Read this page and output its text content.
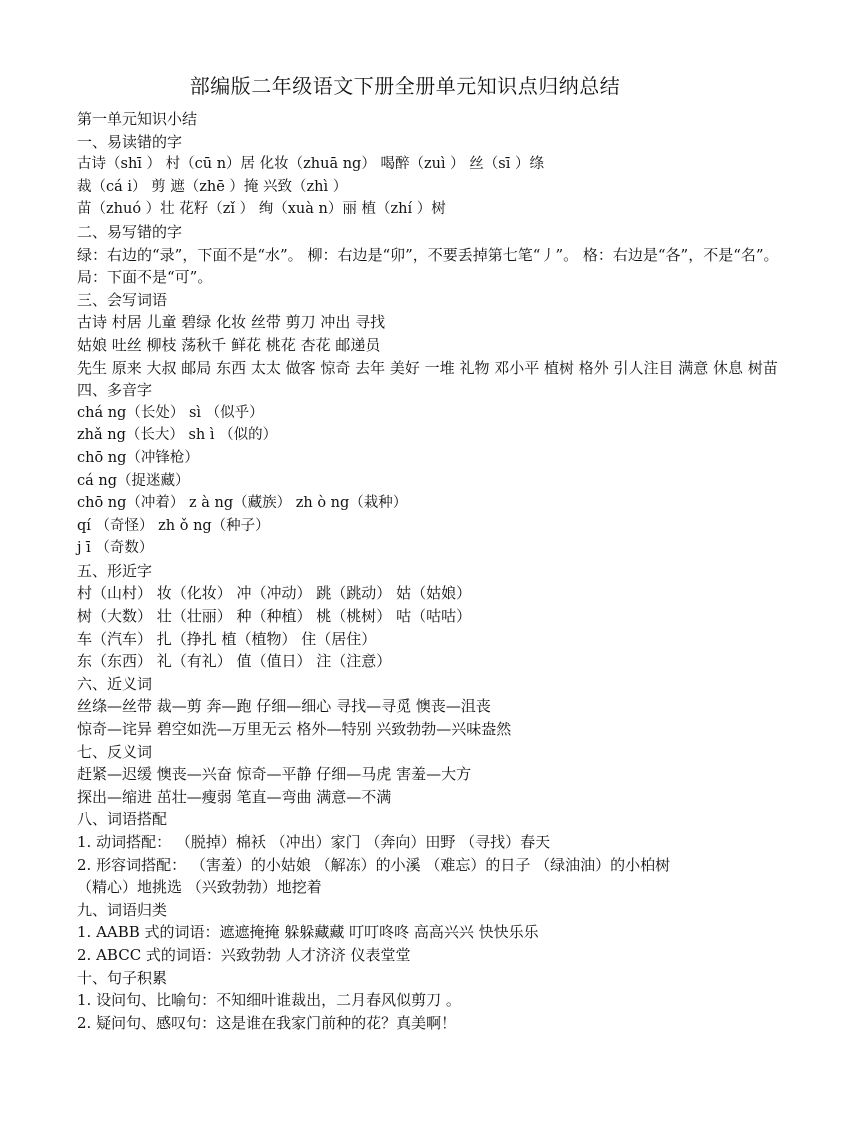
部编版二年级语文下册全册单元知识点归纳总结
第一单元知识小结
一、易读错的字
古诗（shī ） 村（cū n）居 化妆（zhuā ng） 喝醉（zuì ） 丝（sī ）绦
裁（cá i） 剪 遮（zhē ）掩 兴致（zhì ）
苗（zhuó ）壮 花籽（zǐ ） 绚（xuà n）丽 植（zhí ）树
二、易写错的字
绿：右边的“录”，下面不是“水”。 柳：右边是“卯”，不要丢掉第七笔“丿”。 格：右边是“各”，不是“名”。 局：下面不是“可”。
三、会写词语
古诗 村居 儿童 碧绿 化妆 丝带 剪刀 冲出 寻找
姑娘 吐丝 柳枝 荡秋千 鲜花 桃花 杏花 邮递员
先生 原来 大叔 邮局 东西 太太 做客 惊奇 去年 美好 一堆 礼物 邓小平 植树 格外 引人注目 满意 休息 树苗
四、多音字
chá ng（长处） sì （似乎）
zhǎ ng（长大） sh ì （似的）
chō ng（冲锋枪）
cá ng（捉迷藏）
chō ng（冲着） z à ng（藏族） zh ò ng（栽种）
qí （奇怪） zh ǒ ng（种子）
j ī （奇数）
五、形近字
村（山村） 妆（化妆） 冲（冲动） 跳（跳动） 姑（姑娘）
树（大数） 壮（壮丽） 种（种植） 桃（桃树） 咕（咕咕）
车（汽车） 扎（挣扎 植（植物） 住（居住）
东（东西） 礼（有礼） 值（值日） 注（注意）
六、近义词
丝绦—丝带 裁—剪 奔—跑 仔细—细心 寻找—寻觅 懊丧—沮丧
惊奇—诧异 碧空如洗—万里无云 格外—特别 兴致勃勃—兴味盎然
七、反义词
赶紧—迟缓 懊丧—兴奋 惊奇—平静 仔细—马虎 害羞—大方
探出—缩进 茁壮—瘦弱 笔直—弯曲 满意—不满
八、词语搭配
1. 动词搭配： （脱掉）棉袄 （冲出）家门 （奔向）田野 （寻找）春天
2. 形容词搭配： （害羞）的小姑娘 （解冻）的小溪 （难忘）的日子 （绿油油）的小柏树
（精心）地挑选 （兴致勃勃）地挖着
九、词语归类
1. AABB 式的词语：遮遮掩掩 躲躲藏藏 叮叮咚咚 高高兴兴 快快乐乐
2. ABCC 式的词语：兴致勃勃 人才济济 仪表堂堂
十、句子积累
1. 设问句、比喻句：不知细叶谁裁出，二月春风似剪刀 。
2. 疑问句、感叹句：这是谁在我家门前种的花？真美啊！
